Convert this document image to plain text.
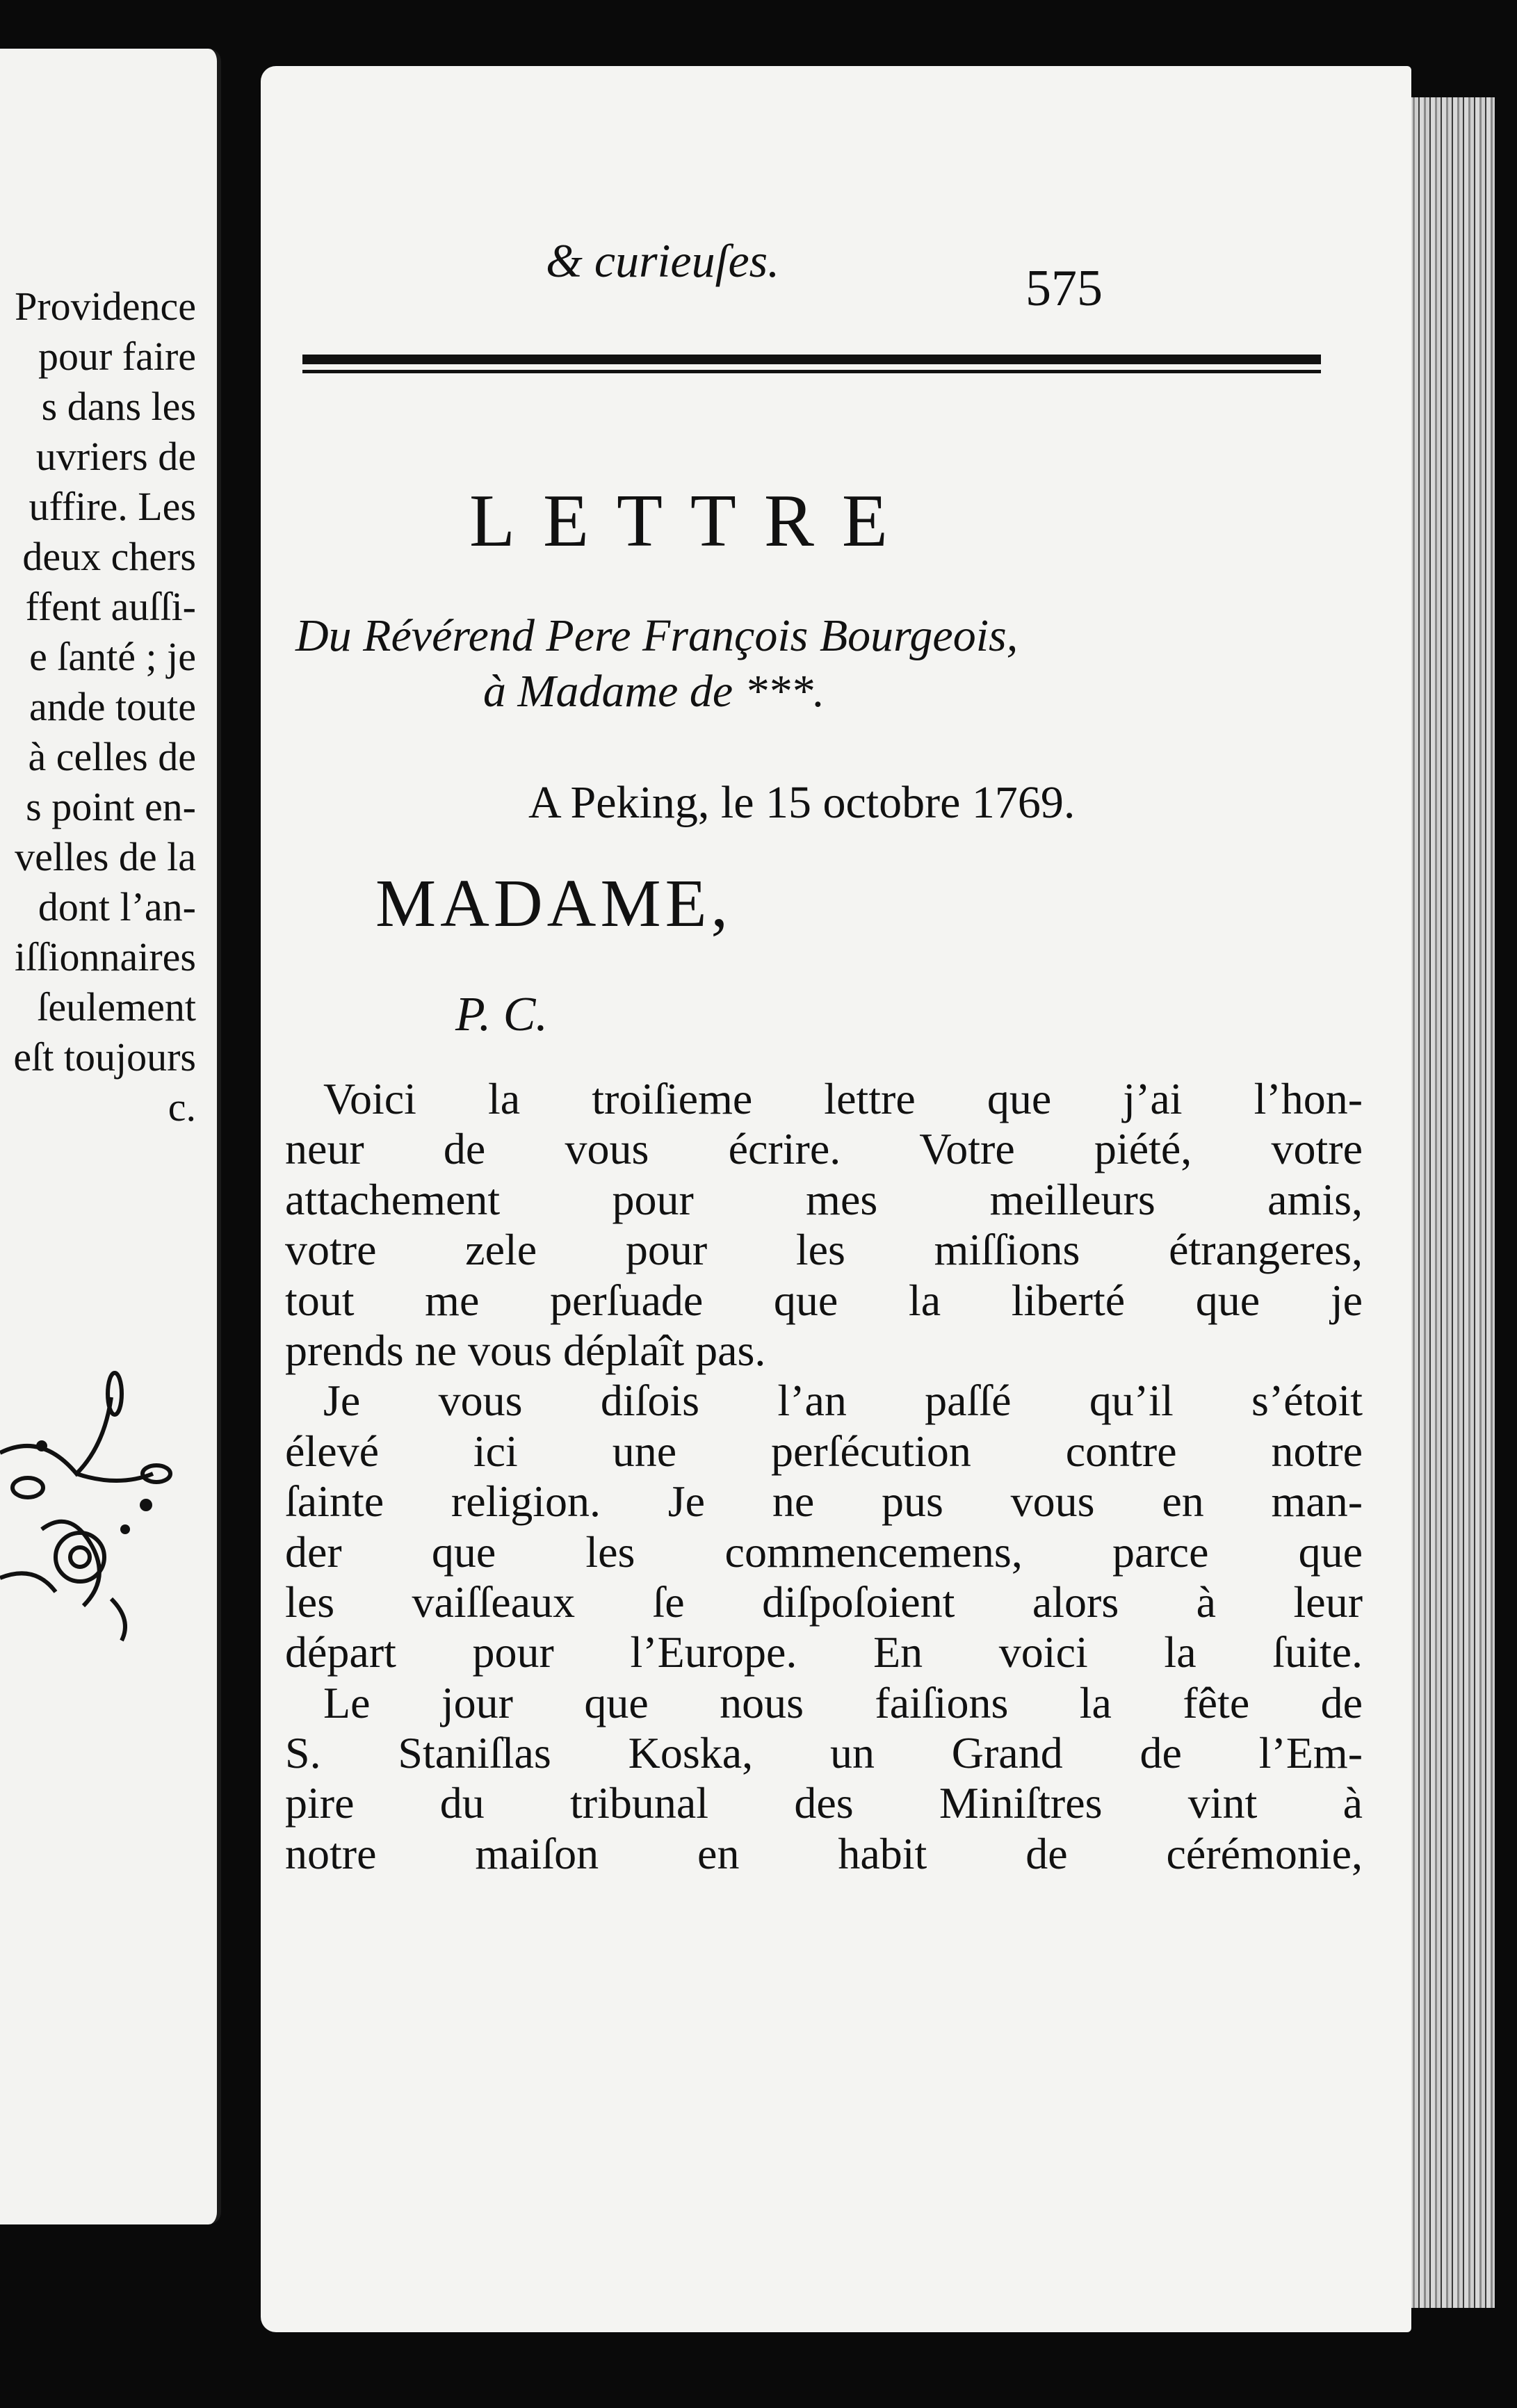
Providence
pour faire
s dans les
uvriers de
uffire. Les
deux chers
ffent auſſi-
e ſanté ; je
ande toute
à celles de
s point en-
velles de la
dont l’an-
iſſionnaires
ſeulement
eſt toujours
c.
& curieuſes.	575
LETTRE
Du Révérend Pere François Bourgeois,
à Madame de ***.
A Peking, le 15 octobre 1769.
MADAME,
P. C.
Voici la troiſieme lettre que j’ai l’hon-
neur de vous écrire. Votre piété, votre
attachement pour mes meilleurs amis,
votre zele pour les miſſions étrangeres,
tout me perſuade que la liberté que je
prends ne vous déplaît pas.
Je vous diſois l’an paſſé qu’il s’étoit
élevé ici une perſécution contre notre
ſainte religion. Je ne pus vous en man-
der que les commencemens, parce que
les vaiſſeaux ſe diſpoſoient alors à leur
départ pour l’Europe. En voici la ſuite.
Le jour que nous faiſions la fête de
S. Staniſlas Koska, un Grand de l’Em-
pire du tribunal des Miniſtres vint à
notre maiſon en habit de cérémonie,
